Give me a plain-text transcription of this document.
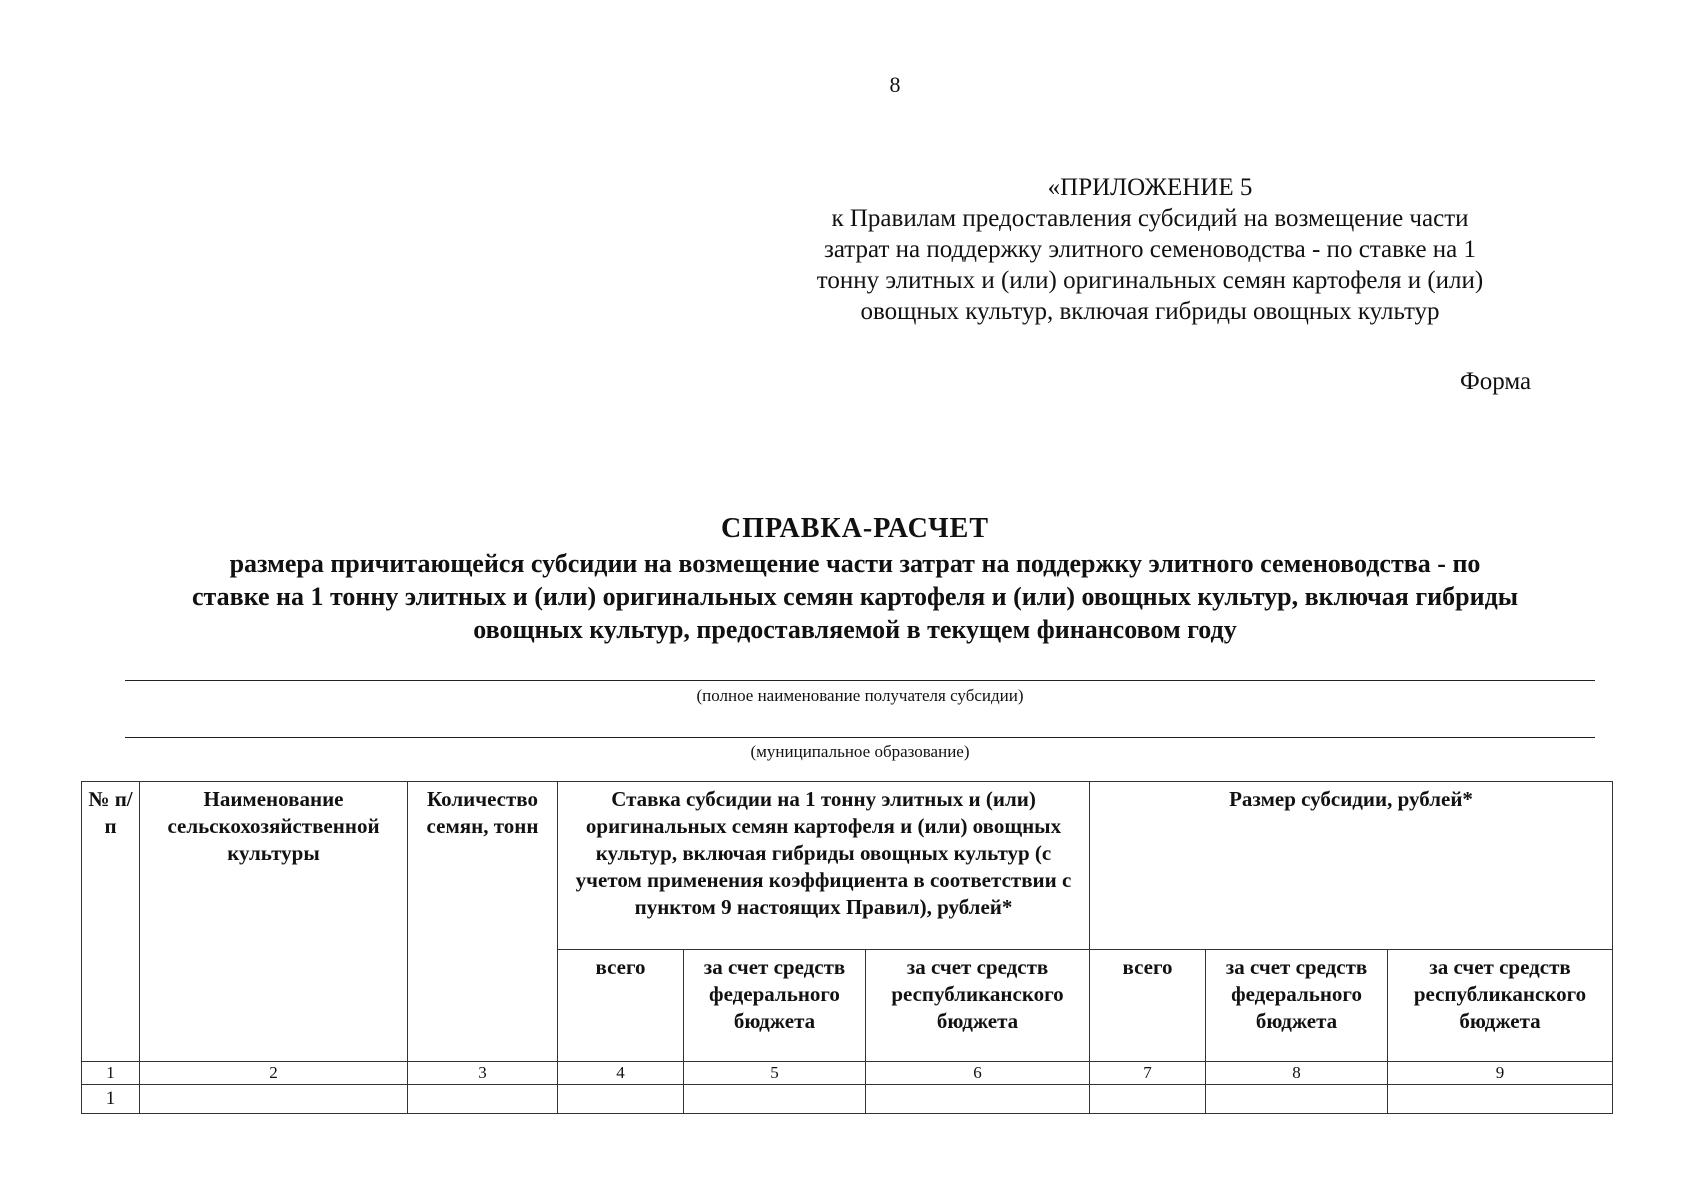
8
«ПРИЛОЖЕНИЕ 5
к Правилам предоставления субсидий на возмещение части
затрат на поддержку элитного семеноводства - по ставке на 1
тонну элитных и (или) оригинальных семян картофеля и (или)
овощных культур, включая гибриды овощных культур
Форма
СПРАВКА-РАСЧЕТ
размера причитающейся субсидии на возмещение части затрат на поддержку элитного семеноводства - по
ставке на 1 тонну элитных и (или) оригинальных семян картофеля и (или) овощных культур, включая гибриды
овощных культур, предоставляемой в текущем финансовом году
(полное наименование получателя субсидии)
(муниципальное образование)
№ п/п	Наименование сельскохозяйственной культуры	Количество семян, тонн	Ставка субсидии на 1 тонну элитных и (или) оригинальных семян картофеля и (или) овощных культур, включая гибриды овощных культур (с учетом применения коэффициента в соответствии с пунктом 9 настоящих Правил), рублей*			Размер субсидии, рублей*		
			всего	за счет средств федерального бюджета	за счет средств республиканского бюджета	всего	за счет средств федерального бюджета	за счет средств республиканского бюджета
1	2	3	4	5	6	7	8	9
1								
